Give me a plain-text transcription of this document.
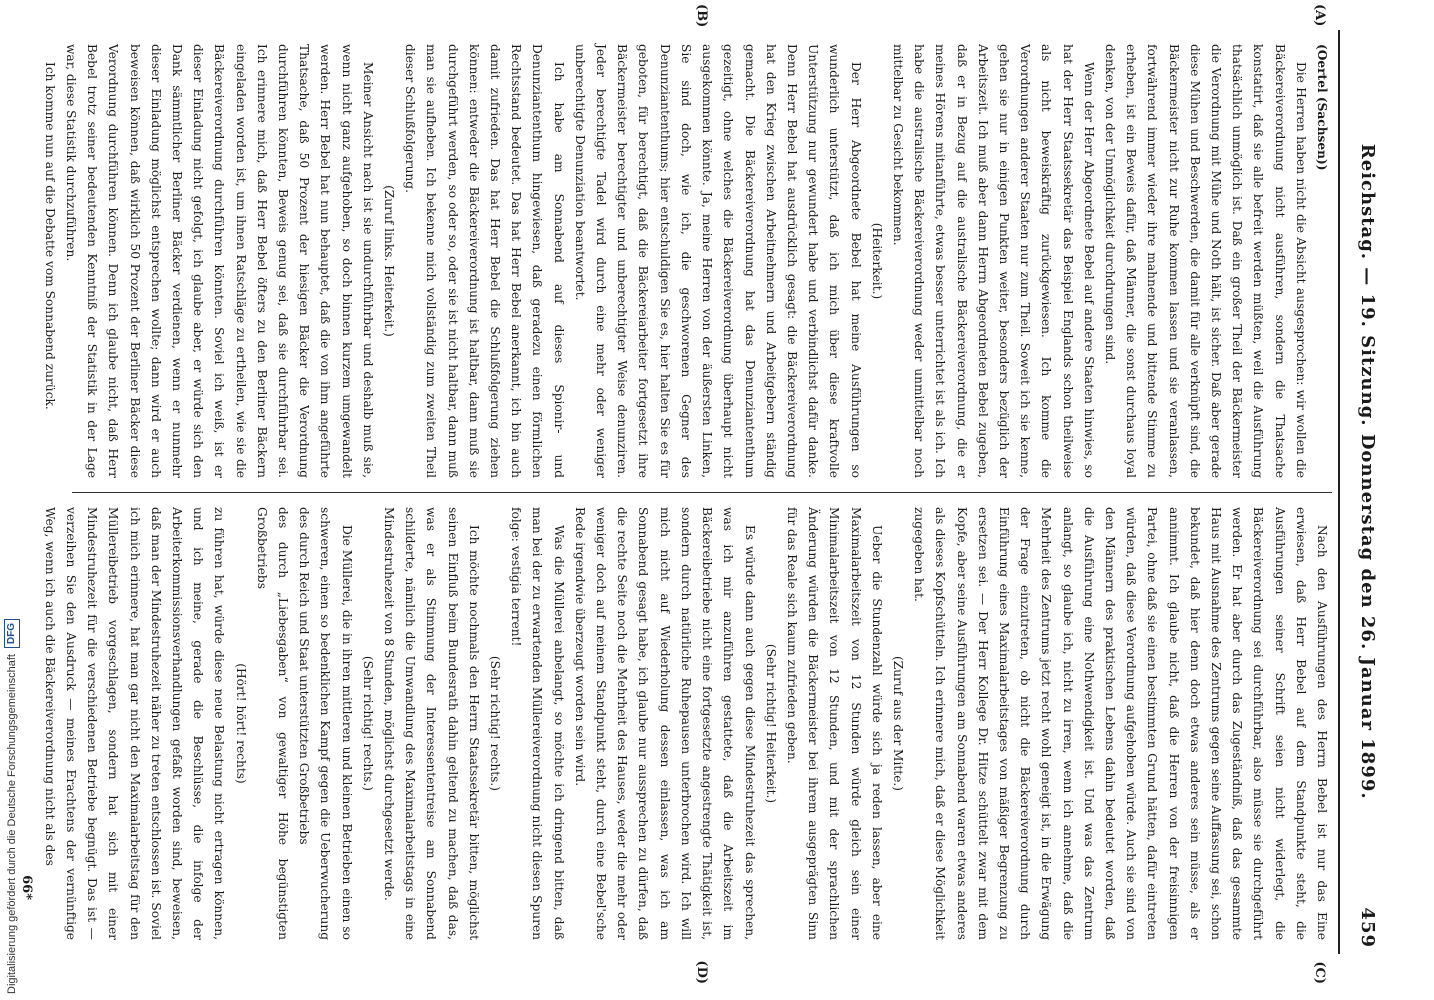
Reichstag. — 19. Sitzung. Donnerstag den 26. Januar 1899.
459
(A)
(B)

(Oertel (Sachsen))

Die Herren haben nicht die Absicht ausgesprochen: wir wollen die Bäckereiverordnung nicht ausführen, sondern die Thatsache konstatirt, daß sie alle befreit werden müßten, weil die Ausführung thatsächlich unmöglich ist. Daß ein großer Theil der Bäckermeister die Verordnung mit Mühe und Noth hält, ist sicher. Daß aber gerade diese Mühen und Beschwerden, die damit für alle verknüpft sind, die Bäckermeister nicht zur Ruhe kommen lassen und sie veranlassen, fortwährend immer wieder ihre mahnende und bittende Stimme zu erheben, ist ein Beweis dafür, daß Männer, die sonst durchaus loyal denken, von der Unmöglichkeit durchdrungen sind.

Wenn der Herr Abgeordnete Bebel auf andere Staaten hinwies, so hat der Herr Staatssekretär das Beispiel Englands schon theilweise als nicht beweiskräftig zurückgewiesen. Ich komme die Verordnungen anderer Staaten nur zum Theil. Soweit ich sie kenne, gehen sie nur in einigen Punkten weiter, besonders bezüglich der Arbeitszeit. Ich muß aber dann Herrn Abgeordneten Bebel zugeben, daß er in Bezug auf die australische Bäckereiverordnung, die er meines Hörens mitanführte, etwas besser unterrichtet ist als ich. Ich habe die australische Bäckereiverordnung weder unmittelbar noch mittelbar zu Gesicht bekommen.

(Heiterkeit.)

Der Herr Abgeordnete Bebel hat meine Ausführungen so wunderlich unterstützt, daß ich mich über diese kraftvolle Unterstützung nur gewundert habe und verbindlichst dafür danke. Denn Herr Bebel hat ausdrücklich gesagt: die Bäckereiverordnung hat den Krieg zwischen Arbeitnehmern und Arbeitgebern ständig gemacht. Die Bäckereiverordnung hat das Denunziantenthum gezeitigt, ohne welches die Bäckereiverordnung überhaupt nicht ausgekommen könnte. Ja, meine Herren von der äußersten Linken, Sie sind doch, wie ich, die geschworenen Gegner des Denunziantenthums; hier entschuldigen Sie es, hier halten Sie es für geboten, für berechtigt, daß die Bäckereiarbeiter fortgesetzt ihre Bäckermeister berechtigter und unberechtigter Weise denunziren. Jeder berechtigte Tadel wird durch eine mehr oder weniger unberechtigte Denunziation beantwortet.

Ich habe am Sonnabend auf dieses Spionir- und Denunziantenthum hingewiesen, daß geradezu einen förmlichen Rechtsstand bedeutet. Das hat Herr Bebel anerkannt, ich bin auch damit zufrieden. Das hat Herr Bebel die Schlußfolgerung ziehen können: entweder die Bäckereiverordnung ist haltbar, dann muß sie durchgeführt werden, so oder so, oder sie ist nicht haltbar, dann muß man sie aufheben. Ich bekenne mich vollständig zum zweiten Theil dieser Schlußfolgerung.

(Zuruf links. Heiterkeit.)

Meiner Ansicht nach ist sie undurchführbar und deshalb muß sie, wenn nicht ganz aufgehoben, so doch binnen kurzem umgewandelt werden. Herr Bebel hat nun behauptet, daß die von ihm angeführte Thatsache, daß 50 Prozent der hiesigen Bäcker die Verordnung durchführen könnten, Beweis genug sei, daß sie durchführbar sei. Ich erinnere mich, daß Herr Bebel öfters zu den Berliner Bäckern eingeladen worden ist, um ihnen Ratschläge zu ertheilen, wie sie die Bäckereiverordnung durchführen könnten. Soviel ich weiß, ist er dieser Einladung nicht gefolgt, ich glaube aber, er würde sich den Dank sämmtlicher Berliner Bäcker verdienen, wenn er nunmehr dieser Einladung möglichst entsprechen wollte; dann wird er auch beweisen können, daß wirklich 50 Prozent der Berliner Bäcker diese Verordnung durchführen können. Denn ich glaube nicht, daß Herr Bebel trotz seiner bedeutenden Kenntniß der Statistik in der Lage war, diese Statistik durchzuführen.

Ich komme nun auf die Debatte vom Sonnabend zurück.

(C)
(D)

Nach den Ausführungen des Herrn Bebel ist nur das Eine erwiesen, daß Herr Bebel auf dem Standpunkte steht, die Ausführungen seiner Schrift seien nicht widerlegt, die Bäckereiverordnung sei durchführbar, also müsse sie durchgeführt werden. Er hat aber durch das Zugeständniß, daß das gesammte Haus mit Ausnahme des Zentrums gegen seine Auffassung sei, schon bekundet, daß hier denn doch etwas anderes sein müsse, als er annimmt. Ich glaube nicht, daß die Herren von der freisinnigen Partei, ohne daß sie einen bestimmten Grund hätten, dafür eintreten würden, daß diese Verordnung aufgehoben würde. Auch sie sind von den Männern des praktischen Lebens dahin bedeutet worden, daß die Ausführung eine Nothwendigkeit ist. Und was das Zentrum anlangt, so glaube ich, nicht zu irren, wenn ich annehme, daß die Mehrheit des Zentrums jetzt recht wohl geneigt ist, in die Erwägung der Frage einzutreten, ob nicht die Bäckereiverordnung durch Einführung eines Maximalarbeitstages von mäßiger Begrenzung zu ersetzen sei. — Der Herr Kollege Dr. Hitze schüttelt zwar mit dem Kopfe, aber seine Ausführungen am Sonnabend waren etwas anderes als dieses Kopfschütteln. Ich erinnere mich, daß er diese Möglichkeit zugegeben hat.

(Zuruf aus der Mitte.)

Ueber die Stundenzahl würde sich ja reden lassen, aber eine Maximalarbeitszeit von 12 Stunden würde gleich sein einer Minimalarbeitszeit von 12 Stunden, und mit der sprachlichen Änderung würden die Bäckermeister bei ihrem ausgeprägten Sinn für das Reale sich kaum zufrieden geben.

(Sehr richtig! Heiterkeit.)

Es würde dann auch gegen diese Mindestruhezeit das sprechen, was ich mir anzuführen gestattete, daß die Arbeitszeit im Bäckereibetriebe nicht eine fortgesetzte angestrengte Thätigkeit ist, sondern durch natürliche Ruhepausen unterbrochen wird. Ich will mich nicht auf Wiederholung dessen einlassen, was ich am Sonnabend gesagt habe, ich glaube nur aussprechen zu dürfen, daß die rechte Seite noch die Mehrheit des Hauses, weder die mehr oder weniger doch auf meinem Standpunkt steht, durch eine Bebel'sche Rede irgendwie überzeugt worden sein wird.

Was die Müllerei anbelangt, so möchte ich dringend bitten, daß man bei der zu erwartenden Müllereiverordnung nicht diesen Spuren folge: vestigia terrent!

(Sehr richtig! rechts.)

Ich möchte nochmals den Herrn Staatssekretär bitten, möglichst seinen Einfluß beim Bundesrath dahin geltend zu machen, daß das, was er als Stimmung der Interessententreise am Sonnabend schilderte, nämlich die Umwandlung des Maximalarbeitstags in eine Mindestruhezeit von 8 Stunden, möglichst durchgesetzt werde.

(Sehr richtig! rechts.)

Die Müllerei, die in ihren mittleren und kleinen Betrieben einen so schweren, einen so bedenklichen Kampf gegen die Ueberwucherung des durch Reich und Staat unterstützten Großbetriebs

des durch „Liebesgaben“ von gewaltiger Höhe begünstigten Großbetriebs

(Hört! hört! rechts)

zu führen hat, würde diese neue Belastung nicht ertragen können, und ich meine, gerade die Beschlüsse, die infolge der Arbeiterkommissionsverhandlungen gefaßt worden sind, beweisen, daß man der Mindestruhezeit näher zu treten entschlossen ist. Soviel ich mich erinnere, hat man gar nicht den Maximalarbeitstag für den Müllereibetrieb vorgeschlagen, sondern hat sich mit einer Mindestruhezeit für die verschiedenen Betriebe begnügt. Das ist — verzeihen Sie den Ausdruck — meines Erachtens der vernünftige Weg, wenn ich auch die Bäckereiverordnung nicht als des

66*
Digitalisierung gefördert durch die Deutsche Forschungsgemeinschaft
DFG
